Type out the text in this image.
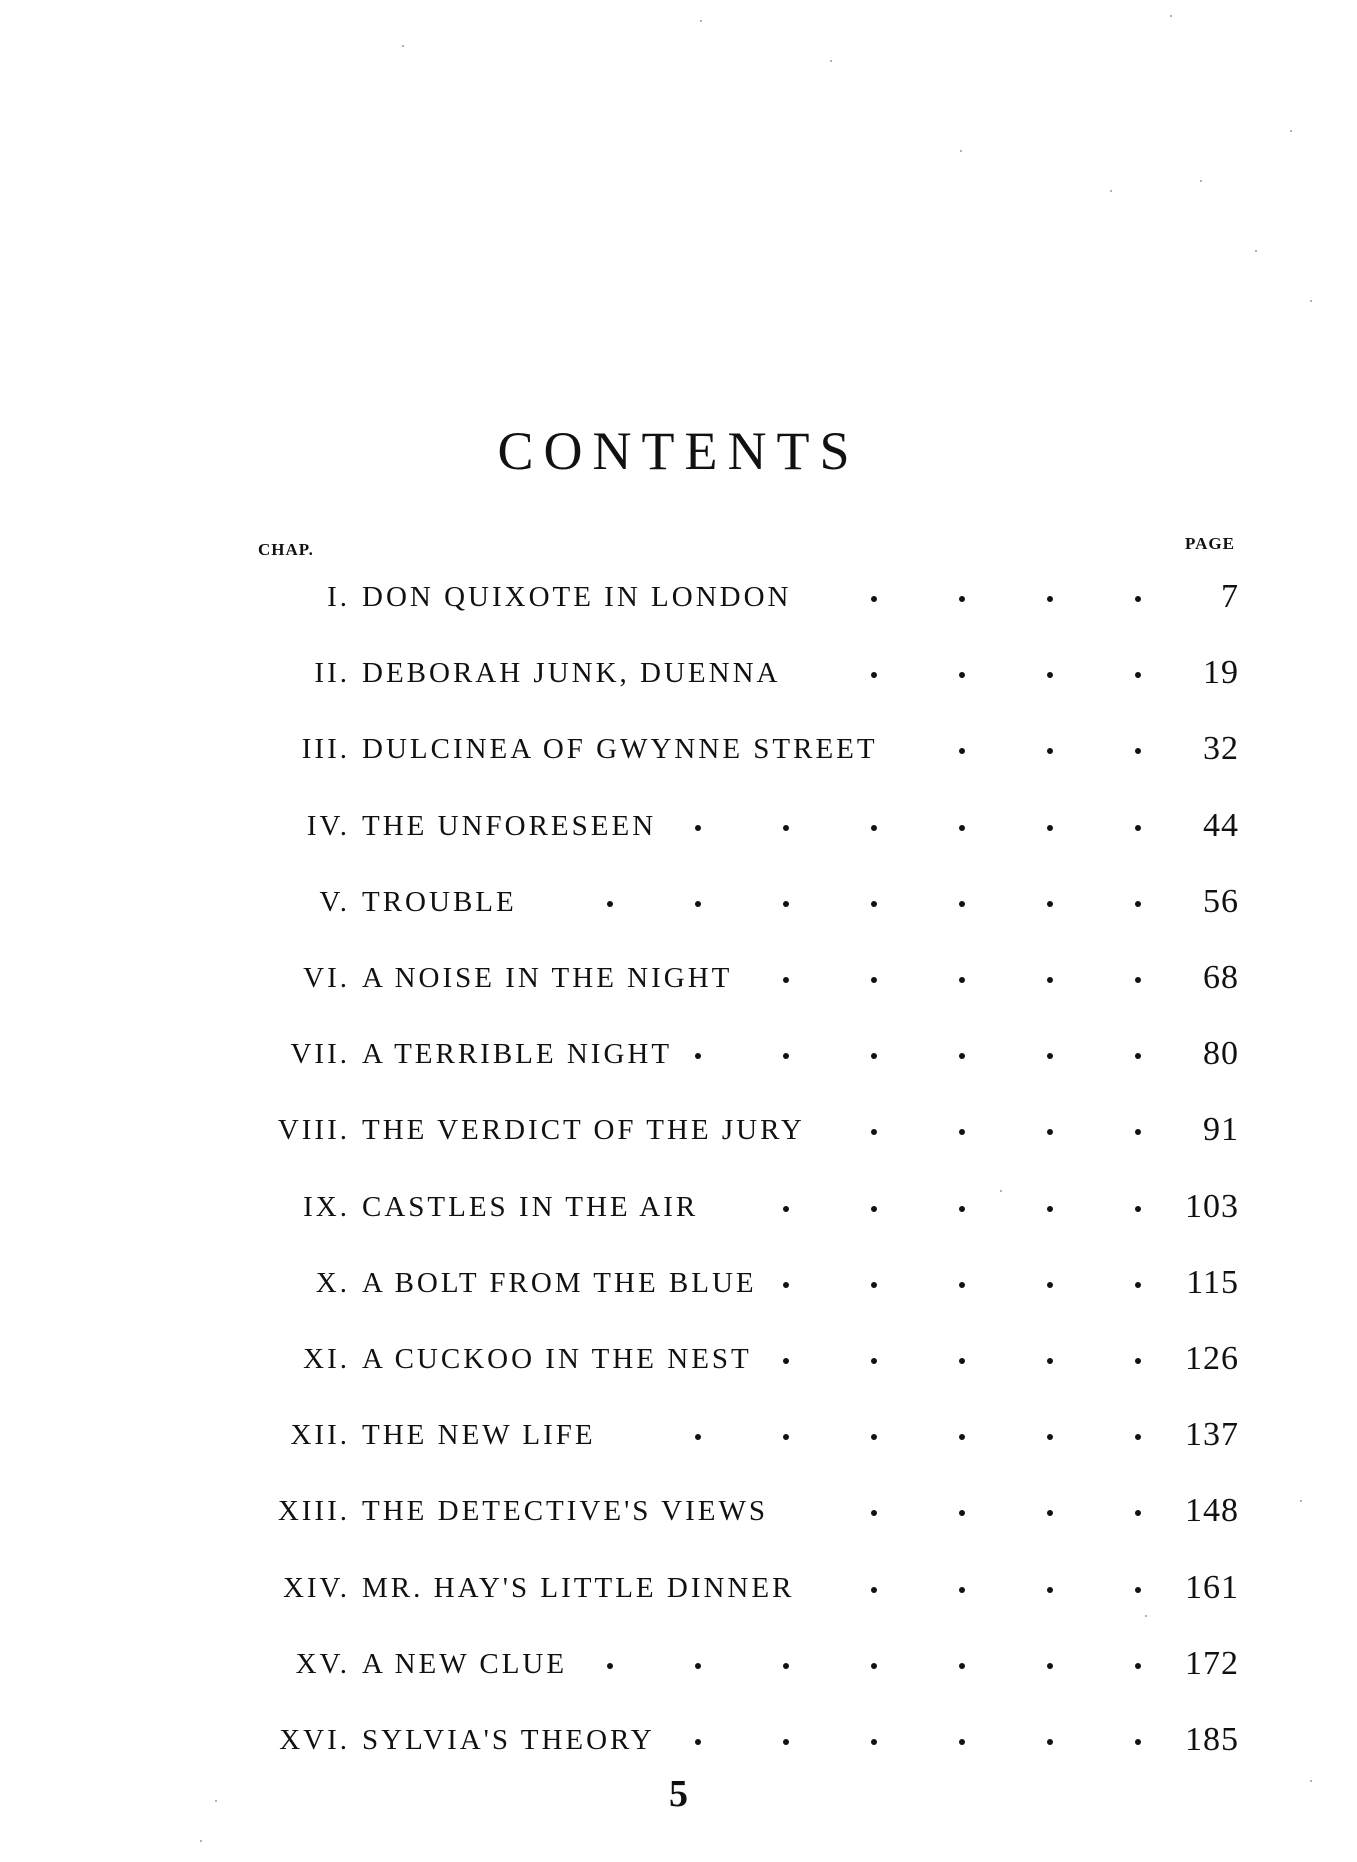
CONTENTS
CHAP.	PAGE
I. DON QUIXOTE IN LONDON	7
II. DEBORAH JUNK, DUENNA	19
III. DULCINEA OF GWYNNE STREET	32
IV. THE UNFORESEEN	44
V. TROUBLE	56
VI. A NOISE IN THE NIGHT	68
VII. A TERRIBLE NIGHT	80
VIII. THE VERDICT OF THE JURY	91
IX. CASTLES IN THE AIR	103
X. A BOLT FROM THE BLUE	115
XI. A CUCKOO IN THE NEST	126
XII. THE NEW LIFE	137
XIII. THE DETECTIVE'S VIEWS	148
XIV. MR. HAY'S LITTLE DINNER	161
XV. A NEW CLUE	172
XVI. SYLVIA'S THEORY	185
5
